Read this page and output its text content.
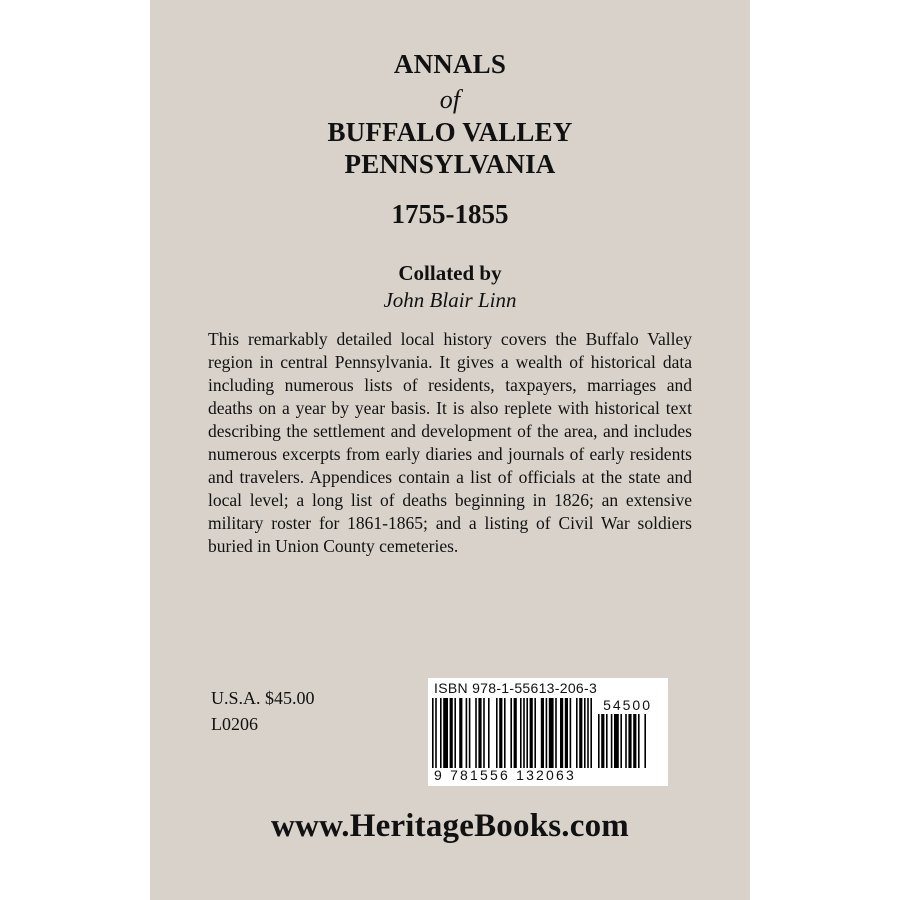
ANNALS
of
BUFFALO VALLEY
PENNSYLVANIA
1755-1855
Collated by
John Blair Linn

This remarkably detailed local history covers the Buffalo Valley region in central Pennsylvania. It gives a wealth of historical data including numerous lists of residents, taxpayers, marriages and deaths on a year by year basis. It is also replete with historical text describing the settlement and development of the area, and includes numerous excerpts from early diaries and journals of early residents and travelers. Appendices contain a list of officials at the state and local level; a long list of deaths beginning in 1826; an extensive military roster for 1861-1865; and a listing of Civil War soldiers buried in Union County cemeteries.

U.S.A. $45.00
L0206
ISBN 978-1-55613-206-3
54500
9 781556 132063
www.HeritageBooks.com
